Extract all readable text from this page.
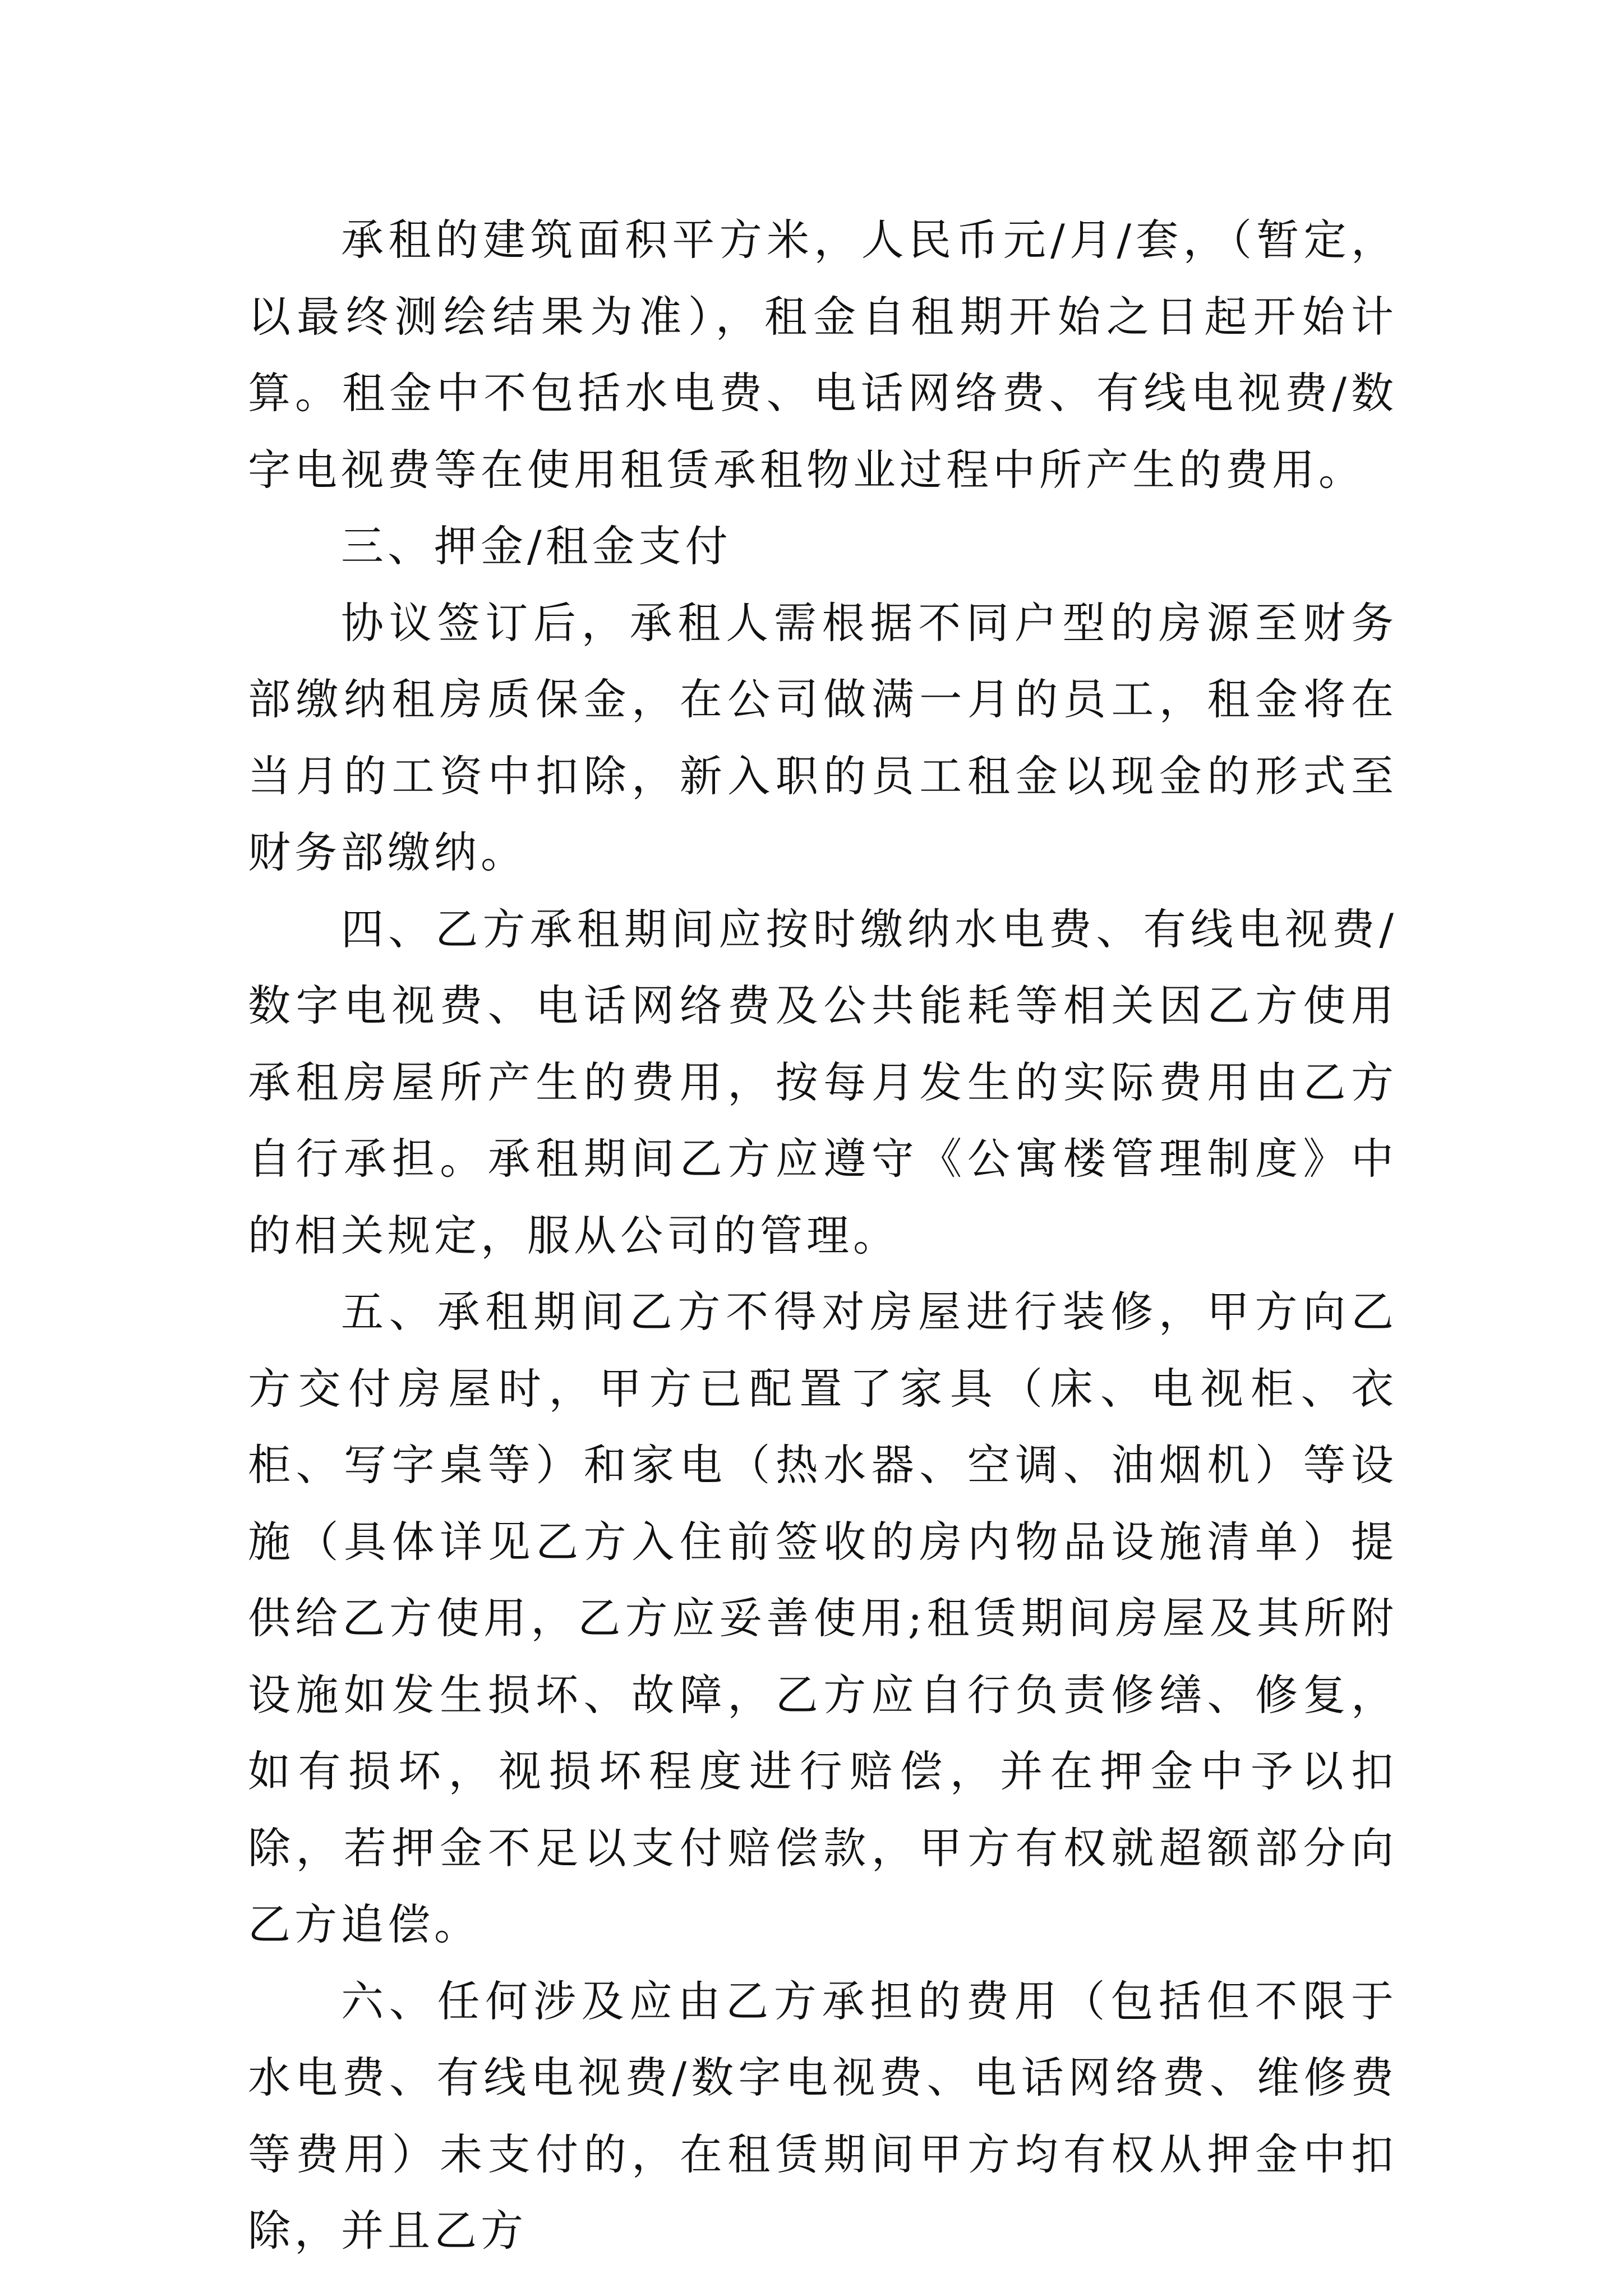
承租的建筑面积平方米，人民币元/月/套，（暂定，以最终测绘结果为准），租金自租期开始之日起开始计算。租金中不包括水电费、电话网络费、有线电视费/数字电视费等在使用租赁承租物业过程中所产生的费用。

三、押金/租金支付

协议签订后，承租人需根据不同户型的房源至财务部缴纳租房质保金，在公司做满一月的员工，租金将在当月的工资中扣除，新入职的员工租金以现金的形式至财务部缴纳。

四、乙方承租期间应按时缴纳水电费、有线电视费/数字电视费、电话网络费及公共能耗等相关因乙方使用承租房屋所产生的费用，按每月发生的实际费用由乙方自行承担。承租期间乙方应遵守《公寓楼管理制度》中的相关规定，服从公司的管理。

五、承租期间乙方不得对房屋进行装修，甲方向乙方交付房屋时，甲方已配置了家具（床、电视柜、衣柜、写字桌等）和家电（热水器、空调、油烟机）等设施（具体详见乙方入住前签收的房内物品设施清单）提供给乙方使用，乙方应妥善使用;租赁期间房屋及其所附设施如发生损坏、故障，乙方应自行负责修缮、修复，如有损坏，视损坏程度进行赔偿，并在押金中予以扣除，若押金不足以支付赔偿款，甲方有权就超额部分向乙方追偿。

六、任何涉及应由乙方承担的费用（包括但不限于水电费、有线电视费/数字电视费、电话网络费、维修费等费用）未支付的，在租赁期间甲方均有权从押金中扣除，并且乙方
